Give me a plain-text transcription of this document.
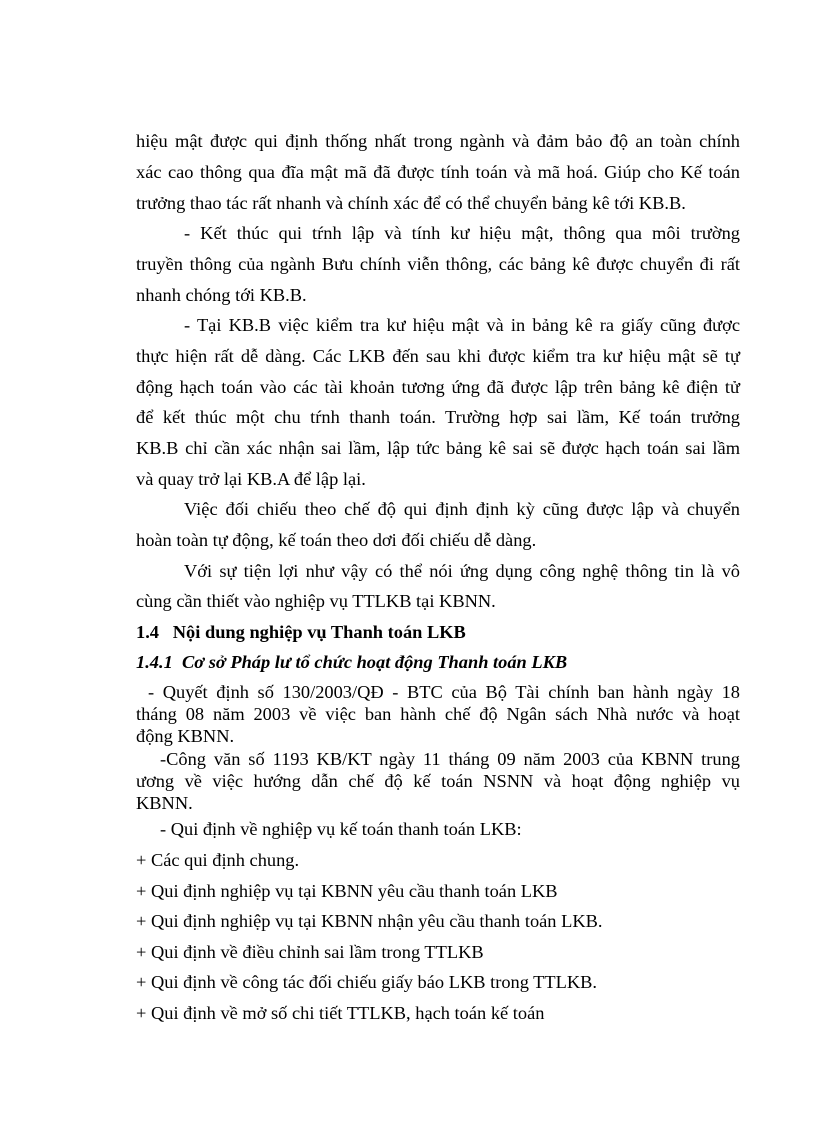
hiệu mật được qui định thống nhất trong ngành và đảm bảo độ an toàn chính
xác cao thông qua đĩa mật mã đã được tính toán và mã hoá. Giúp cho Kế toán
trưởng thao tác rất nhanh và chính xác để có thể chuyển bảng kê tới KB.B.
- Kết thúc qui tŕnh lập và tính kư hiệu mật, thông qua môi trường
truyền thông của ngành Bưu chính viễn thông, các bảng kê được chuyển đi rất
nhanh chóng tới KB.B.
- Tại KB.B việc kiểm tra kư hiệu mật và in bảng kê ra giấy cũng được
thực hiện rất dễ dàng. Các LKB đến sau khi được kiểm tra kư hiệu mật sẽ tự
động hạch toán vào các tài khoản tương ứng đã được lập trên bảng kê điện tử
để kết thúc một chu tŕnh thanh toán. Trường hợp sai lầm, Kế toán trưởng
KB.B chỉ cần xác nhận sai lầm, lập tức bảng kê sai sẽ được hạch toán sai lầm
và quay trở lại KB.A để lập lại.
Việc đối chiếu theo chế độ qui định định kỳ cũng được lập và chuyển
hoàn toàn tự động, kế toán theo dơi đối chiếu dễ dàng.
Với sự tiện lợi như vậy có thể nói ứng dụng công nghệ thông tin là vô
cùng cần thiết vào nghiệp vụ TTLKB tại KBNN.
1.4   Nội dung nghiệp vụ Thanh toán LKB
1.4.1  Cơ sở Pháp lư tổ chức hoạt động Thanh toán LKB
- Quyết định số 130/2003/QĐ - BTC của Bộ Tài chính ban hành ngày 18
tháng 08 năm 2003 về việc ban hành chế độ Ngân sách Nhà nước và hoạt
động KBNN.
-Công văn số 1193 KB/KT ngày 11 tháng 09 năm 2003 của KBNN trung
ương về việc hướng dẫn chế độ kế toán NSNN và hoạt động nghiệp vụ
KBNN.
- Qui định về nghiệp vụ kế toán thanh toán LKB:
+ Các qui định chung.
+ Qui định nghiệp vụ tại KBNN yêu cầu thanh toán LKB
+ Qui định nghiệp vụ tại KBNN nhận yêu cầu thanh toán LKB.
+ Qui định về điều chỉnh sai lầm trong TTLKB
+ Qui định về công tác đối chiếu giấy báo LKB trong TTLKB.
+ Qui định về mở số chi tiết TTLKB, hạch toán kế toán
